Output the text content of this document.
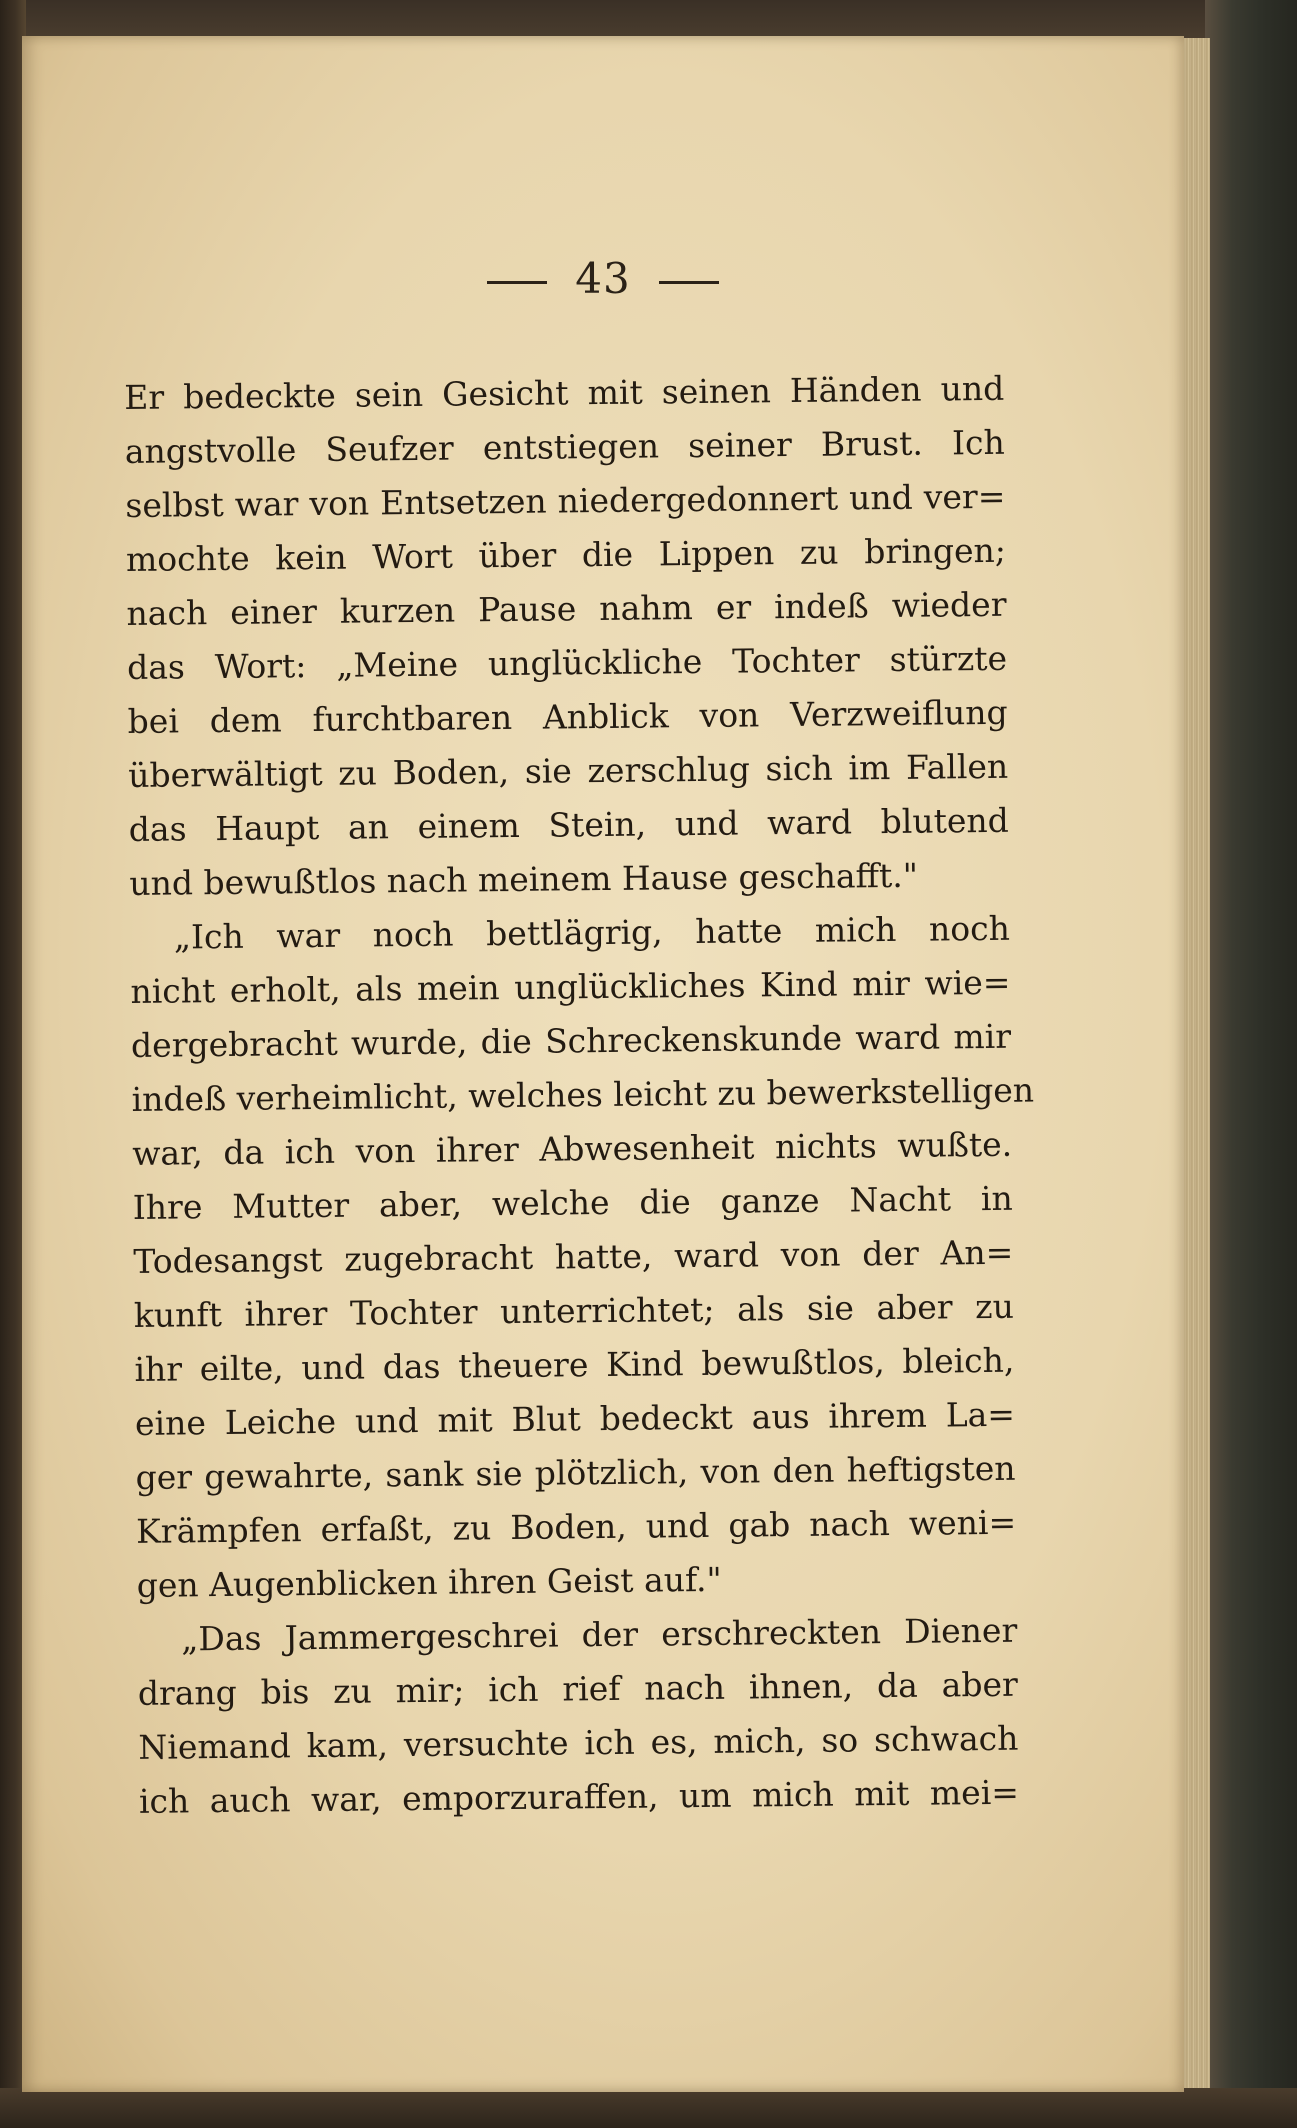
43
Er bedeckte sein Gesicht mit seinen Händen und
angstvolle Seufzer entstiegen seiner Brust. Ich
selbst war von Entsetzen niedergedonnert und ver=
mochte kein Wort über die Lippen zu bringen;
nach einer kurzen Pause nahm er indeß wieder
das Wort: „Meine unglückliche Tochter stürzte
bei dem furchtbaren Anblick von Verzweiflung
überwältigt zu Boden, sie zerschlug sich im Fallen
das Haupt an einem Stein, und ward blutend
und bewußtlos nach meinem Hause geschafft."
„Ich war noch bettlägrig, hatte mich noch
nicht erholt, als mein unglückliches Kind mir wie=
dergebracht wurde, die Schreckenskunde ward mir
indeß verheimlicht, welches leicht zu bewerkstelligen
war, da ich von ihrer Abwesenheit nichts wußte.
Ihre Mutter aber, welche die ganze Nacht in
Todesangst zugebracht hatte, ward von der An=
kunft ihrer Tochter unterrichtet; als sie aber zu
ihr eilte, und das theuere Kind bewußtlos, bleich,
eine Leiche und mit Blut bedeckt aus ihrem La=
ger gewahrte, sank sie plötzlich, von den heftigsten
Krämpfen erfaßt, zu Boden, und gab nach weni=
gen Augenblicken ihren Geist auf."
„Das Jammergeschrei der erschreckten Diener
drang bis zu mir; ich rief nach ihnen, da aber
Niemand kam, versuchte ich es, mich, so schwach
ich auch war, emporzuraffen, um mich mit mei=
